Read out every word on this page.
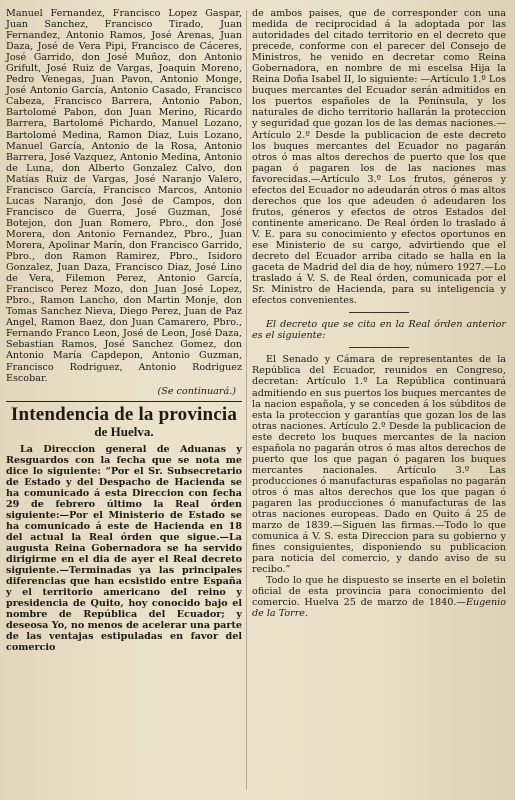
Manuel Fernandez, Francisco Lopez Gaspar, Juan Sanchez, Francisco Tirado, Juan Fernandez, Antonio Ramos, José Arenas, Juan Daza, José de Vera Pipi, Francisco de Cáceres, José Garrido, don José Muñoz, don Antonio Grifult, José Ruiz de Vargas, Joaquin Moreno, Pedro Venegas, Juan Pavon, Antonio Monge, José Antonio García, Antonio Casado, Francisco Cabeza, Francisco Barrera, Antonio Pabon, Bartolomé Pabon, don Juan Merino, Ricardo Barrera, Bartolomé Pichardo, Manuel Lozano, Bartolomé Medina, Ramon Diaz, Luis Lozano, Manuel García, Antonio de la Rosa, Antonio Barrera, José Vazquez, Antonio Medina, Antonio de Luna, don Alberto Gonzalez Calvo, don Matías Ruiz de Vargas, José Naranjo Valero, Francisco García, Francisco Marcos, Antonio Lucas Naranjo, don José de Campos, don Francisco de Guerra, José Guzman, José Botejon, don Juan Romero, Pbro., don José Morera, don Antonio Fernandez, Pbro., Juan Morera, Apolinar Marín, don Francisco Garrido, Pbro., don Ramon Ramirez, Pbro., Isidoro Gonzalez, Juan Daza, Francisco Diaz, José Lino de Vera, Filemon Perez, Antonio García, Francisco Perez Mozo, don Juan José Lopez, Pbro., Ramon Lancho, don Martin Monje, don Tomas Sanchez Nieva, Diego Perez, Juan de Paz Angel, Ramon Baez, don Juan Camarero, Pbro., Fernando Franco Leon, José de Leon, José Daza, Sebastian Ramos, José Sanchez Gomez, don Antonio María Capdepon, Antonio Guzman, Francisco Rodriguez, Antonio Rodriguez Escobar.

(Se continuará.)

Intendencia de la provincia
de Huelva.

La Direccion general de Aduanas y Resguardos con la fecha que se nota me dice lo siguiente: “Por el Sr. Subsecretario de Estado y del Despacho de Hacienda se ha comunicado á esta Direccion con fecha 29 de febrero último la Real órden siguiente:—Por el Ministerio de Estado se ha comunicado á este de Hacienda en 18 del actual la Real órden que sigue.—La augusta Reina Gobernadora se ha servido dirigirme en el dia de ayer el Real decreto siguiente.—Terminadas ya las principales diferencias que han ecsistido entre España y el territorio americano del reino y presidencia de Quito, hoy conocido bajo el nombre de República del Ecuador; y deseosa Yo, no menos de acelerar una parte de las ventajas estipuladas en favor del comercio

de ambos paises, que de corresponder con una medida de reciprocidad á la adoptada por las autoridades del citado territorio en el decreto que precede, conforme con el parecer del Consejo de Ministros, he venido en decretar como Reina Gobernadora, en nombre de mi escelsa Hija la Reina Doña Isabel II, lo siguiente: —Artículo 1.º Los buques mercantes del Ecuador serán admitidos en los puertos españoles de la Península, y los naturales de dicho territorio hallarán la proteccion y seguridad que gozan los de las demas naciones.—Artículo 2.º Desde la publicacion de este decreto los buques mercantes del Ecuador no pagarán otros ó mas altos derechos de puerto que los que pagan ó pagaren los de las naciones mas favorecidas.—Artículo 3.º Los frutos, géneros y efectos del Ecuador no adeudarán otros ó mas altos derechos que los que adeuden ó adeudaren los frutos, géneros y efectos de otros Estados del continente americano. De Real órden lo traslado á V. E. para su conocimiento y efectos oportunos en ese Ministerio de su cargo, advirtiendo que el decreto del Ecuador arriba citado se halla en la gaceta de Madrid del dia de hoy, número 1927.—Lo traslado á V. S. de Real órden, comunicada por el Sr. Ministro de Hacienda, para su inteligencia y efectos convenientes.

El decreto que se cita en la Real órden anterior es el siguiente:

El Senado y Cámara de representantes de la República del Ecuador, reunidos en Congreso, decretan: Artículo 1.º La República continuará admitiendo en sus puertos los buques mercantes de la nacion española, y se conceden á los súbditos de esta la proteccion y garantías que gozan los de las otras naciones. Artículo 2.º Desde la publicacion de este decreto los buques mercantes de la nacion española no pagarán otros ó mas altos derechos de puerto que los que pagan ó pagaren los buques mercantes nacionales. Artículo 3.º Las producciones ó manufacturas españolas no pagarán otros ó mas altos derechos que los que pagan ó pagaren las producciones ó manufacturas de las otras naciones europeas. Dado en Quito á 25 de marzo de 1839.—Siguen las firmas.—Todo lo que comunica á V. S. esta Direccion para su gobierno y fines consiguientes, disponiendo su publicacion para noticia del comercio, y dando aviso de su recibo.”

Todo lo que he dispuesto se inserte en el boletin oficial de esta provincia para conocimiento del comercio. Huelva 25 de marzo de 1840.—Eugenio de la Torre.
